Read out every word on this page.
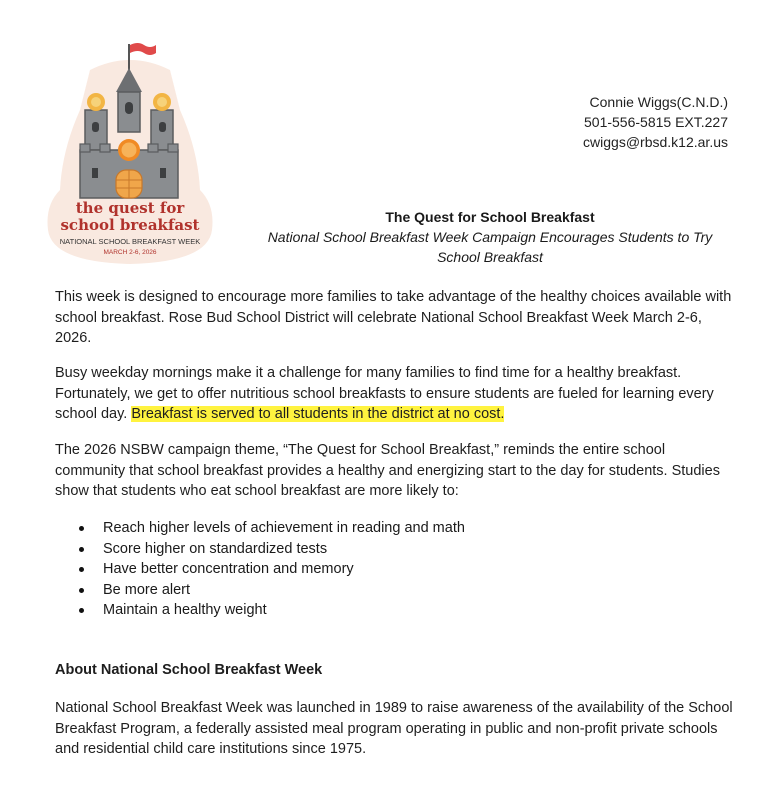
the quest for
school breakfast
NATIONAL SCHOOL BREAKFAST WEEK
MARCH 2-6, 2026
Connie Wiggs(C.N.D.)
501-556-5815 EXT.227
cwiggs@rbsd.k12.ar.us
The Quest for School Breakfast
National School Breakfast Week Campaign Encourages Students to Try
School Breakfast

This week is designed to encourage more families to take advantage of the healthy choices available with school breakfast. Rose Bud School District will celebrate National School Breakfast Week March 2-6, 2026.

Busy weekday mornings make it a challenge for many families to find time for a healthy breakfast. Fortunately, we get to offer nutritious school breakfasts to ensure students are fueled for learning every school day. Breakfast is served to all students in the district at no cost.

The 2026 NSBW campaign theme, “The Quest for School Breakfast,” reminds the entire school community that school breakfast provides a healthy and energizing start to the day for students. Studies show that students who eat school breakfast are more likely to:

Reach higher levels of achievement in reading and math
Score higher on standardized tests
Have better concentration and memory
Be more alert
Maintain a healthy weight

About National School Breakfast Week

National School Breakfast Week was launched in 1989 to raise awareness of the availability of the School Breakfast Program, a federally assisted meal program operating in public and non-profit private schools and residential child care institutions since 1975.
